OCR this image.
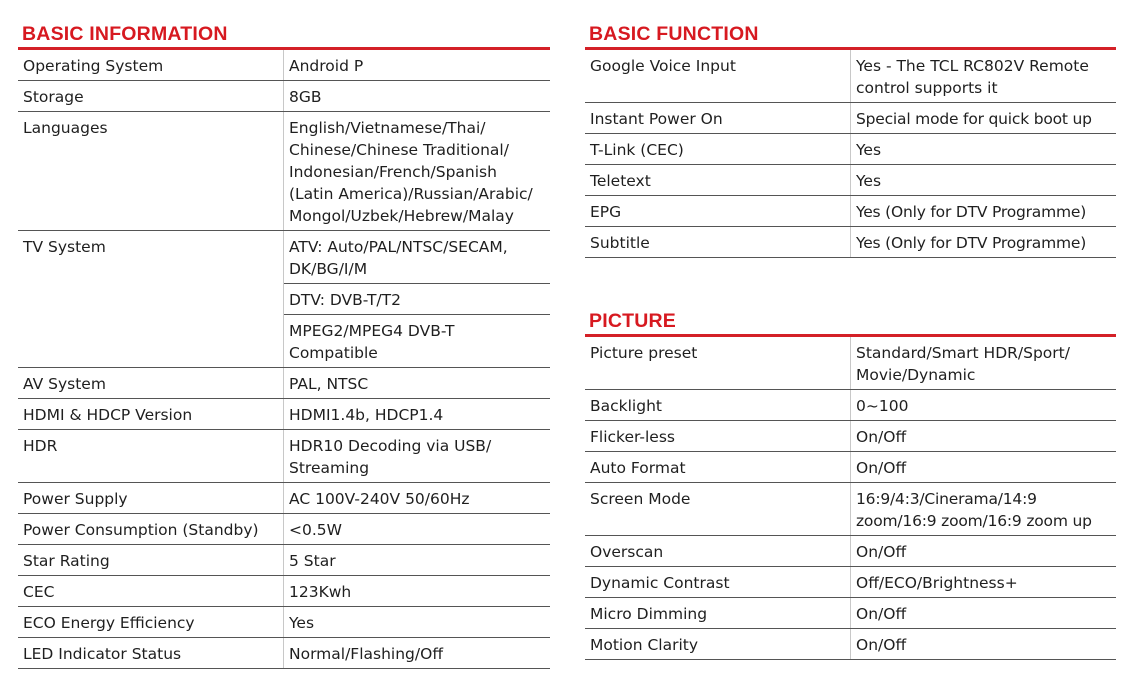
BASIC INFORMATION
Operating System	Android P
Storage	8GB
Languages	English/Vietnamese/Thai/ Chinese/Chinese Traditional/ Indonesian/French/Spanish (Latin America)/Russian/Arabic/ Mongol/Uzbek/Hebrew/Malay
TV System	ATV: Auto/PAL/NTSC/SECAM, DK/BG/I/M
DTV: DVB-T/T2
MPEG2/MPEG4 DVB-T Compatible
AV System	PAL, NTSC
HDMI & HDCP Version	HDMI1.4b, HDCP1.4
HDR	HDR10 Decoding via USB/ Streaming
Power Supply	AC 100V-240V 50/60Hz
Power Consumption (Standby)	<0.5W
Star Rating	5 Star
CEC	123Kwh
ECO Energy Efficiency	Yes
LED Indicator Status	Normal/Flashing/Off
BASIC FUNCTION
Google Voice Input	Yes - The TCL RC802V Remote control supports it
Instant Power On	Special mode for quick boot up
T-Link (CEC)	Yes
Teletext	Yes
EPG	Yes (Only for DTV Programme)
Subtitle	Yes (Only for DTV Programme)
PICTURE
Picture preset	Standard/Smart HDR/Sport/ Movie/Dynamic
Backlight	0~100
Flicker-less	On/Off
Auto Format	On/Off
Screen Mode	16:9/4:3/Cinerama/14:9 zoom/16:9 zoom/16:9 zoom up
Overscan	On/Off
Dynamic Contrast	Off/ECO/Brightness+
Micro Dimming	On/Off
Motion Clarity	On/Off
